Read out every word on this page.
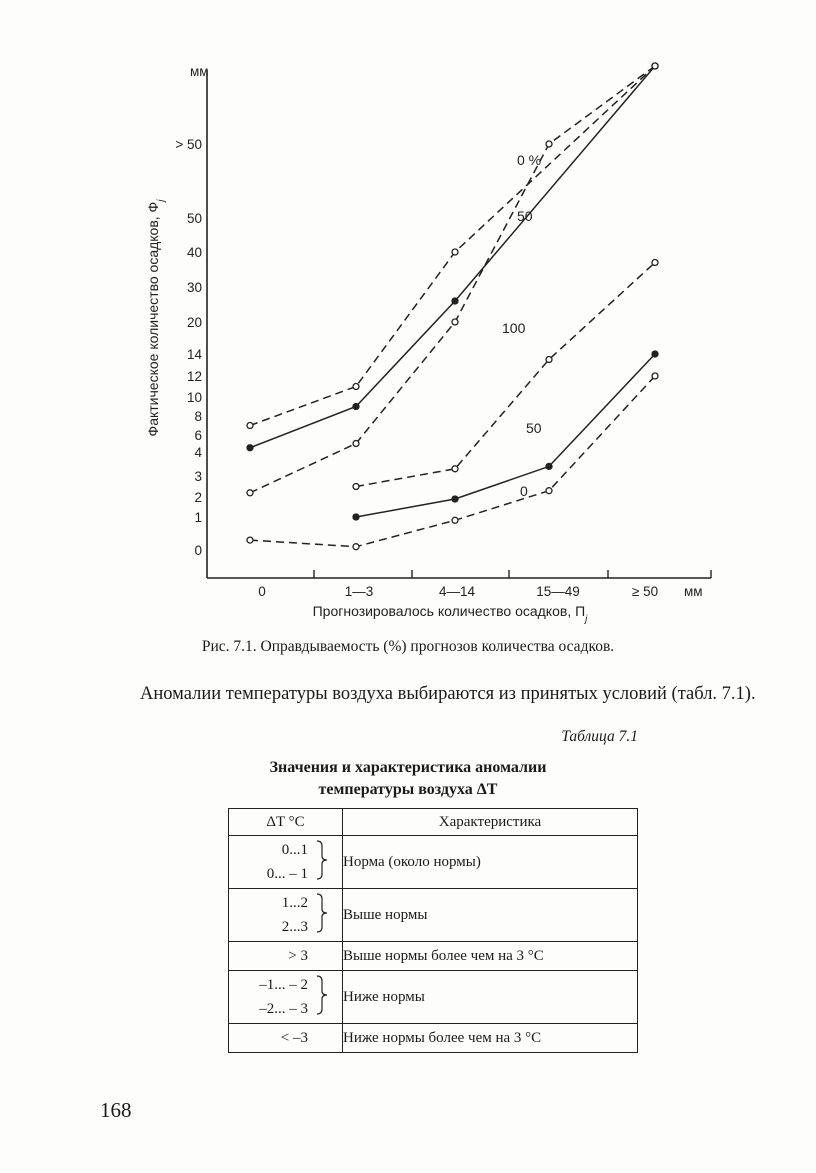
0
1
2
3
4
6
8
10
12
14
20
30
40
50
> 50
0	1—3	4—14	15—49	≥ 50
0 %
50
100
50
0
мм
мм
Прогнозировалось количество осадков, $П_j$
Фактическое количество осадков, $Ф_j$
Рис. 7.1. Оправдываемость (%) прогнозов количества осадков.
Аномалии температуры воздуха выбираются из принятых условий (табл. 7.1).
Таблица 7.1
Значения и характеристика аномалии
температуры воздуха ΔT
ΔT °C	Характеристика

0...1
0... – 1	Норма (около нормы)

1...2
2...3	Выше нормы

> 3	Выше нормы более чем на 3 °С

–1... – 2
–2... – 3	Ниже нормы

< –3	Ниже нормы более чем на 3 °С
168
